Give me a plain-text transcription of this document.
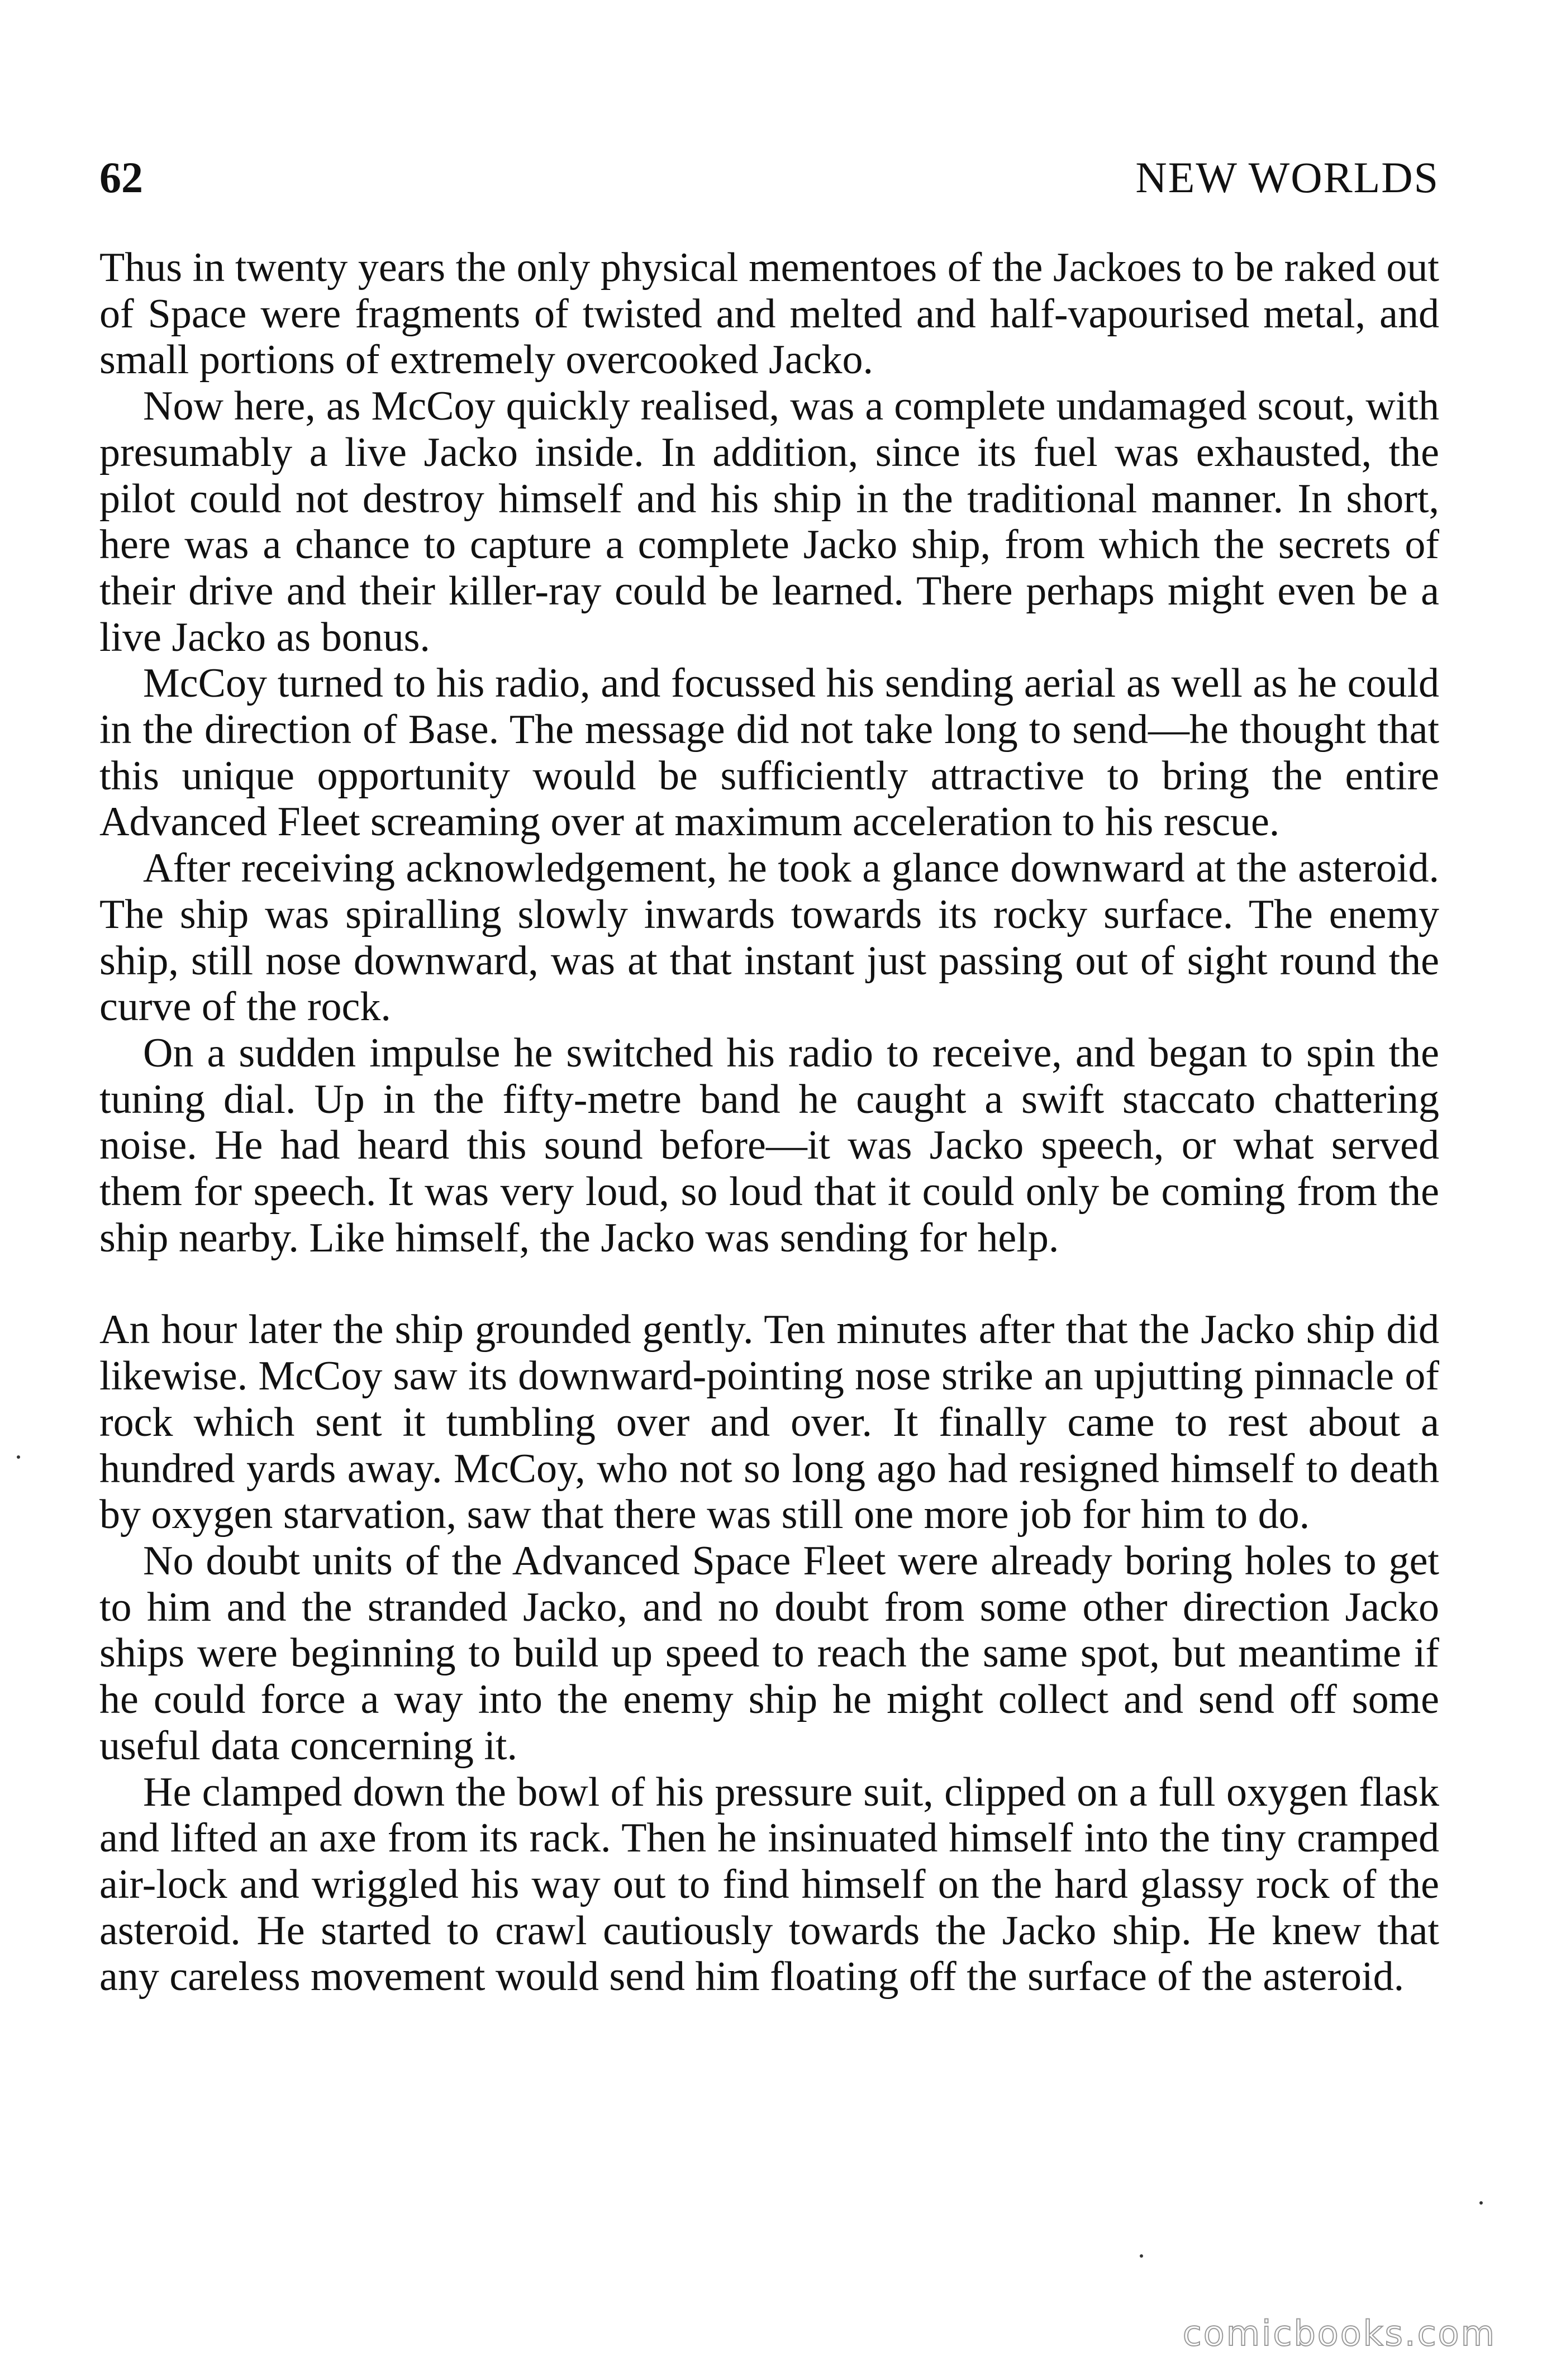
62	NEW WORLDS

Thus in twenty years the only physical mementoes of the Jackoes to be raked out of Space were fragments of twisted and melted and half-vapourised metal, and small portions of extremely overcooked Jacko.

Now here, as McCoy quickly realised, was a complete undamaged scout, with presumably a live Jacko inside. In addition, since its fuel was exhausted, the pilot could not destroy himself and his ship in the traditional manner. In short, here was a chance to capture a complete Jacko ship, from which the secrets of their drive and their killer-ray could be learned. There perhaps might even be a live Jacko as bonus.

McCoy turned to his radio, and focussed his sending aerial as well as he could in the direction of Base. The message did not take long to send—he thought that this unique opportunity would be sufficiently attractive to bring the entire Advanced Fleet screaming over at maximum acceleration to his rescue.

After receiving acknowledgement, he took a glance downward at the asteroid. The ship was spiralling slowly inwards towards its rocky surface. The enemy ship, still nose downward, was at that instant just passing out of sight round the curve of the rock.

On a sudden impulse he switched his radio to receive, and began to spin the tuning dial. Up in the fifty-metre band he caught a swift staccato chattering noise. He had heard this sound before—it was Jacko speech, or what served them for speech. It was very loud, so loud that it could only be coming from the ship nearby. Like himself, the Jacko was sending for help.

An hour later the ship grounded gently. Ten minutes after that the Jacko ship did likewise. McCoy saw its downward-pointing nose strike an upjutting pinnacle of rock which sent it tumbling over and over. It finally came to rest about a hundred yards away. McCoy, who not so long ago had resigned himself to death by oxygen starvation, saw that there was still one more job for him to do.

No doubt units of the Advanced Space Fleet were already boring holes to get to him and the stranded Jacko, and no doubt from some other direction Jacko ships were beginning to build up speed to reach the same spot, but meantime if he could force a way into the enemy ship he might collect and send off some useful data concerning it.

He clamped down the bowl of his pressure suit, clipped on a full oxygen flask and lifted an axe from its rack. Then he insinuated himself into the tiny cramped air-lock and wriggled his way out to find himself on the hard glassy rock of the asteroid. He started to crawl cautiously towards the Jacko ship. He knew that any careless movement would send him floating off the surface of the asteroid.

comicbooks.com
